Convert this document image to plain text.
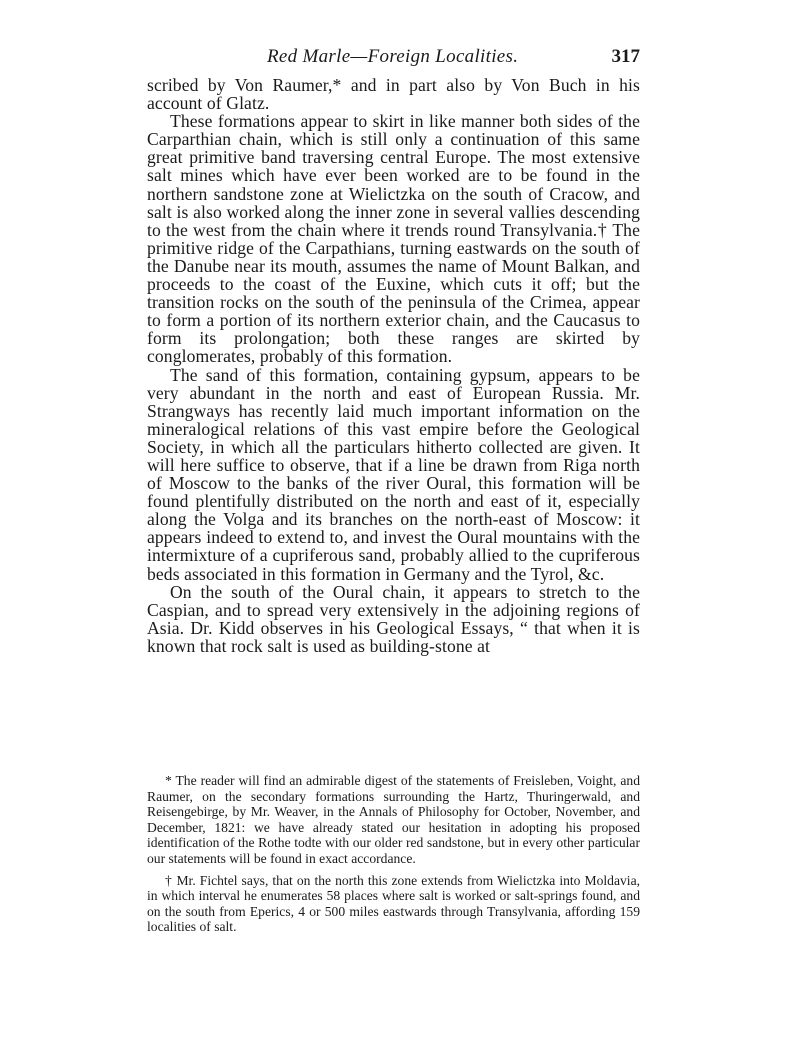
Red Marle—Foreign Localities.	317

scribed by Von Raumer,* and in part also by Von Buch in his account of Glatz.

These formations appear to skirt in like manner both sides of the Carparthian chain, which is still only a continuation of this same great primitive band traversing central Europe. The most extensive salt mines which have ever been worked are to be found in the northern sandstone zone at Wielictzka on the south of Cracow, and salt is also worked along the inner zone in several vallies descending to the west from the chain where it trends round Transylvania.† The primitive ridge of the Carpathians, turning eastwards on the south of the Danube near its mouth, assumes the name of Mount Balkan, and proceeds to the coast of the Euxine, which cuts it off; but the transition rocks on the south of the peninsula of the Crimea, appear to form a portion of its northern exterior chain, and the Caucasus to form its prolongation; both these ranges are skirted by conglomerates, probably of this formation.

The sand of this formation, containing gypsum, appears to be very abundant in the north and east of European Russia. Mr. Strangways has recently laid much important information on the mineralogical relations of this vast empire before the Geological Society, in which all the particulars hitherto collected are given. It will here suffice to observe, that if a line be drawn from Riga north of Moscow to the banks of the river Oural, this formation will be found plentifully distributed on the north and east of it, especially along the Volga and its branches on the north-east of Moscow: it appears indeed to extend to, and invest the Oural mountains with the intermixture of a cupriferous sand, probably allied to the cupriferous beds associated in this formation in Germany and the Tyrol, &c.

On the south of the Oural chain, it appears to stretch to the Caspian, and to spread very extensively in the adjoining regions of Asia. Dr. Kidd observes in his Geological Essays, “ that when it is known that rock salt is used as building-stone at

* The reader will find an admirable digest of the statements of Freisleben, Voight, and Raumer, on the secondary formations surrounding the Hartz, Thuringerwald, and Reisengebirge, by Mr. Weaver, in the Annals of Philosophy for October, November, and December, 1821: we have already stated our hesitation in adopting his proposed identification of the Rothe todte with our older red sandstone, but in every other particular our statements will be found in exact accordance.

† Mr. Fichtel says, that on the north this zone extends from Wielictzka into Moldavia, in which interval he enumerates 58 places where salt is worked or salt-springs found, and on the south from Eperics, 4 or 500 miles eastwards through Transylvania, affording 159 localities of salt.
